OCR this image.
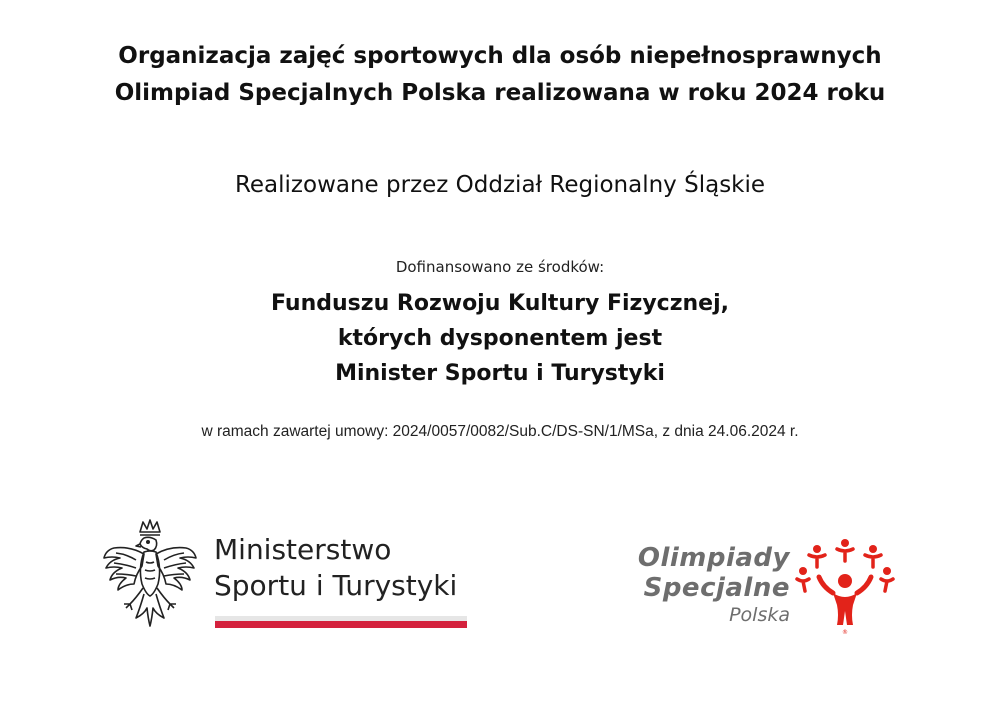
Organizacja zajęć sportowych dla osób niepełnosprawnych
Olimpiad Specjalnych Polska realizowana w roku 2024 roku
Realizowane przez Oddział Regionalny Śląskie
Dofinansowano ze środków:
Funduszu Rozwoju Kultury Fizycznej,
których dysponentem jest
Minister Sportu i Turystyki
w ramach zawartej umowy: 2024/0057/0082/Sub.C/DS-SN/1/MSa, z dnia 24.06.2024 r.
Ministerstwo
Sportu i Turystyki
Olimpiady
Specjalne
Polska
®
